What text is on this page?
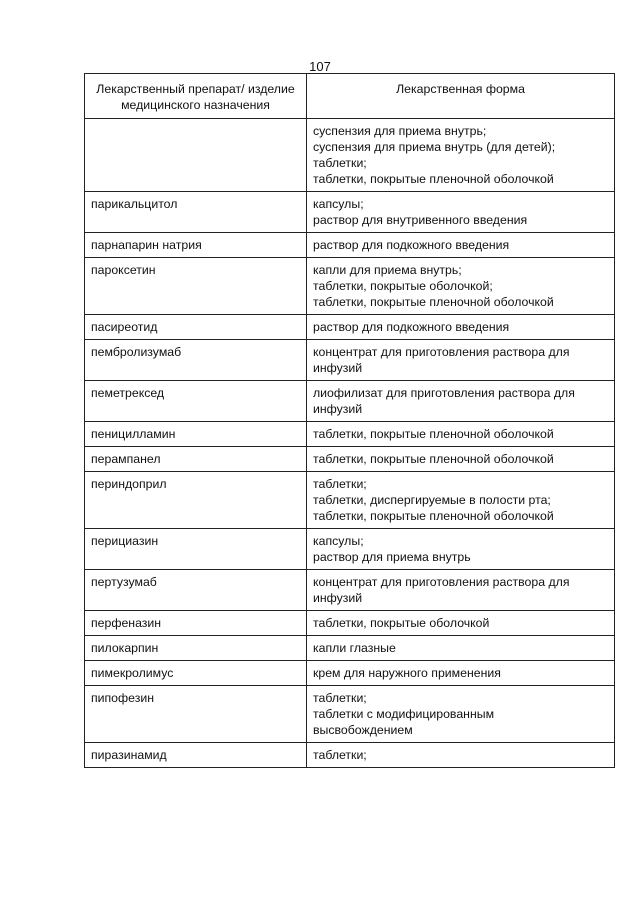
107
Лекарственный препарат/ изделие медицинского назначения	Лекарственная форма

	суспензия для приема внутрь;
суспензия для приема внутрь (для детей);
таблетки;
таблетки, покрытые пленочной оболочкой

парикальцитол	капсулы;
раствор для внутривенного введения

парнапарин натрия	раствор для подкожного введения

пароксетин	капли для приема внутрь;
таблетки, покрытые оболочкой;
таблетки, покрытые пленочной оболочкой

пасиреотид	раствор для подкожного введения

пембролизумаб	концентрат для приготовления раствора для
инфузий

пеметрексед	лиофилизат для приготовления раствора для
инфузий

пеницилламин	таблетки, покрытые пленочной оболочкой

перампанел	таблетки, покрытые пленочной оболочкой

периндоприл	таблетки;
таблетки, диспергируемые в полости рта;
таблетки, покрытые пленочной оболочкой

перициазин	капсулы;
раствор для приема внутрь

пертузумаб	концентрат для приготовления раствора для
инфузий

перфеназин	таблетки, покрытые оболочкой

пилокарпин	капли глазные

пимекролимус	крем для наружного применения

пипофезин	таблетки;
таблетки с модифицированным
высвобождением

пиразинамид	таблетки;
